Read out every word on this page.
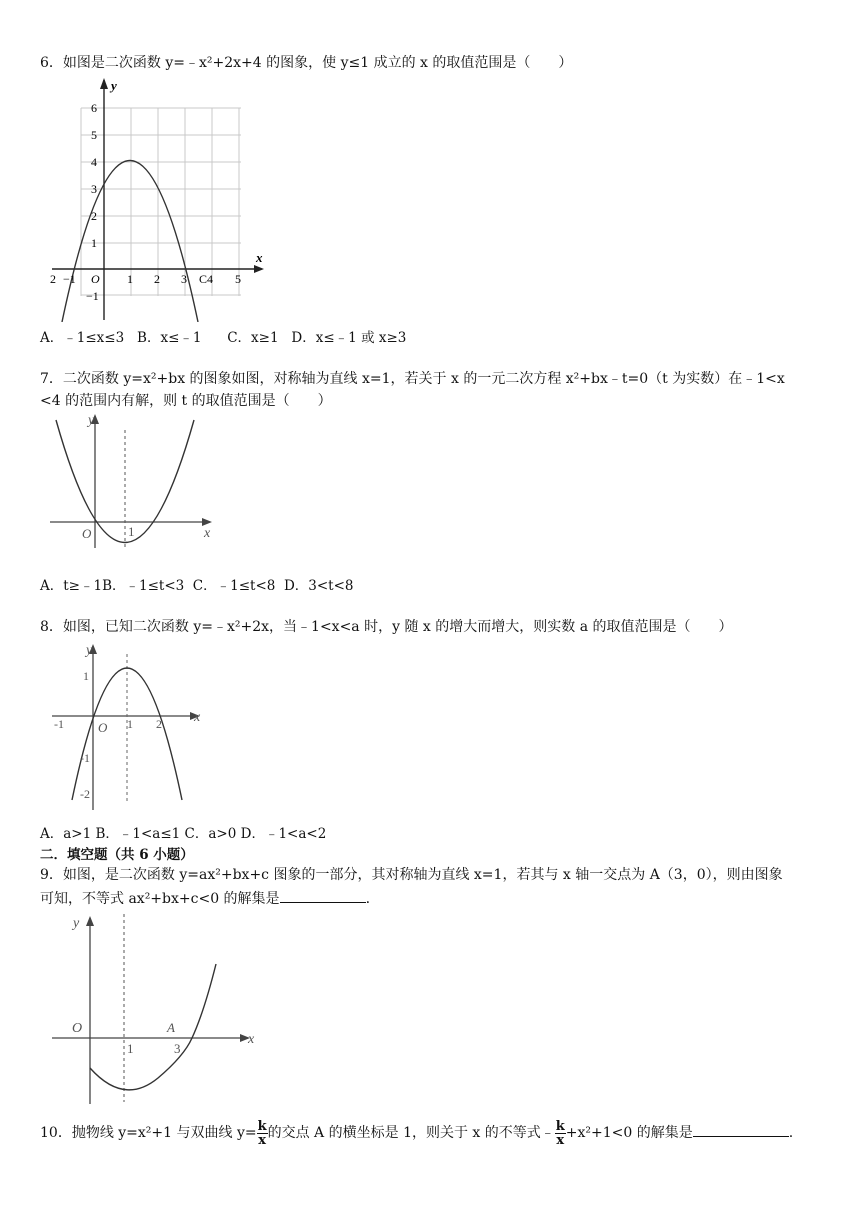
6．如图是二次函数 y=﹣x²+2x+4 的图象，使 y≤1 成立的 x 的取值范围是（　　）
x
y
O
2 −1	1 2 3 C4 5
6
5
4
3
2
1
−1
A．﹣1≤x≤3   B．x≤﹣1      C．x≥1   D．x≤﹣1 或 x≥3
7．二次函数 y=x²+bx 的图象如图，对称轴为直线 x=1，若关于 x 的一元二次方程 x²+bx﹣t=0（t 为实数）在﹣1<x
<4 的范围内有解，则 t 的取值范围是（　　）
x
y
O	1
A．t≥﹣1B．﹣1≤t<3  C．﹣1≤t<8  D．3<t<8
8．如图，已知二次函数 y=﹣x²+2x，当﹣1<x<a 时，y 随 x 的增大而增大，则实数 a 的取值范围是（　　）
x
y
O
-1	1 2
1
-1
-2
A．a>1 B．﹣1<a≤1 C．a>0 D．﹣1<a<2
二．填空题（共 6 小题）
9．如图，是二次函数 y=ax²+bx+c 图象的一部分，其对称轴为直线 x=1，若其与 x 轴一交点为 A（3，0），则由图象
可知，不等式 ax²+bx+c<0 的解集是	.
x
y
O
1	3
A
10．抛物线 y=x²+1 与双曲线 $y= \frac{k}{x}$ 的交点 A 的横坐标是 1，则关于 x 的不等式﹣ $\frac{k}{x} +x^2+1<0$ 的解集是	.
